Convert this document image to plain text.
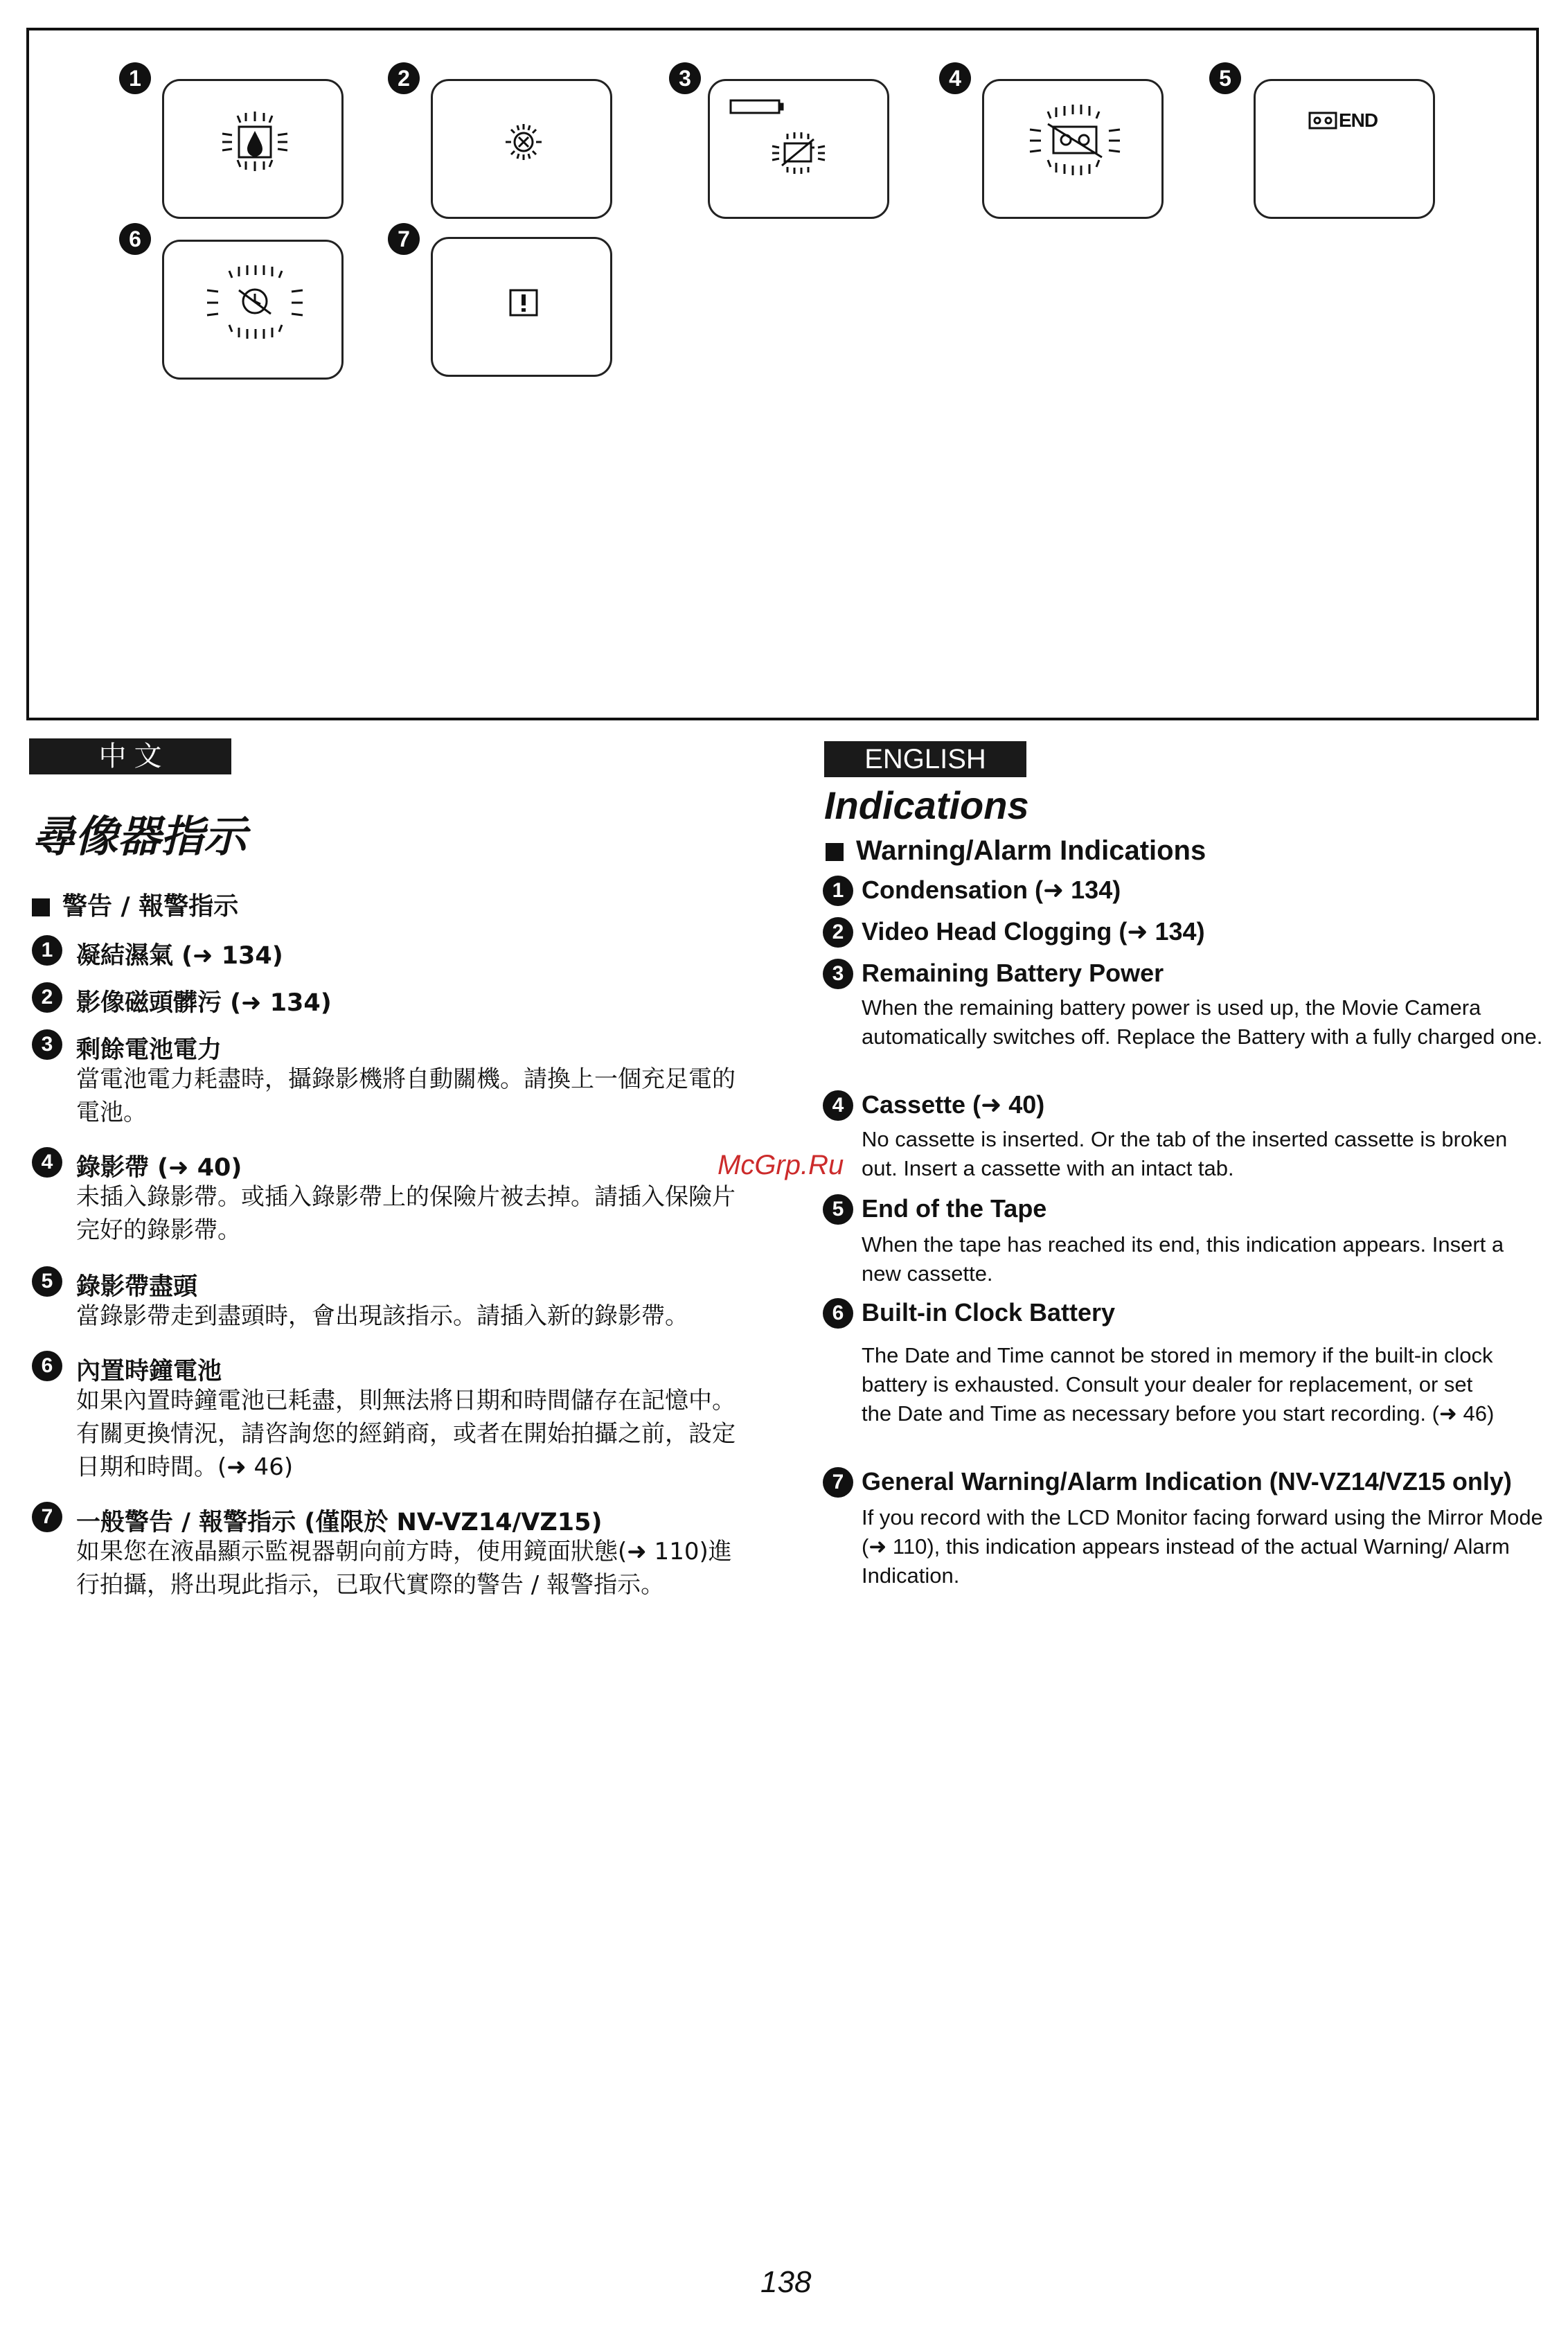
1	2	3	4	5
END
6	7
中 文
尋像器指示
警告 / 報警指示
1 凝結濕氣 (➜ 134)
2 影像磁頭髒污 (➜ 134)
3 剩餘電池電力
當電池電力耗盡時，攝錄影機將自動關機。請換上一個充足電的電池。
4 錄影帶 (➜ 40)
未插入錄影帶。或插入錄影帶上的保險片被去掉。請插入保險片完好的錄影帶。
5 錄影帶盡頭
當錄影帶走到盡頭時，會出現該指示。請插入新的錄影帶。
6 內置時鐘電池
如果內置時鐘電池已耗盡，則無法將日期和時間儲存在記憶中。有關更換情況，請咨詢您的經銷商，或者在開始拍攝之前，設定日期和時間。(➜ 46)
7 一般警告 / 報警指示 (僅限於 NV-VZ14/VZ15)
如果您在液晶顯示監視器朝向前方時，使用鏡面狀態(➜ 110)進行拍攝，將出現此指示，已取代實際的警告 / 報警指示。
McGrp.Ru
ENGLISH
Indications
Warning/Alarm Indications
1 Condensation (➜ 134)
2 Video Head Clogging (➜ 134)
3 Remaining Battery Power
When the remaining battery power is used up, the Movie Camera automatically switches off. Replace the Battery with a fully charged one.
4 Cassette (➜ 40)
No cassette is inserted. Or the tab of the inserted cassette is broken out. Insert a cassette with an intact tab.
5 End of the Tape
When the tape has reached its end, this indication appears. Insert a new cassette.
6 Built-in Clock Battery
The Date and Time cannot be stored in memory if the built-in clock battery is exhausted. Consult your dealer for replacement, or set the Date and Time as necessary before you start recording. (➜ 46)
7 General Warning/Alarm Indication (NV-VZ14/VZ15 only)
If you record with the LCD Monitor facing forward using the Mirror Mode (➜ 110), this indication appears instead of the actual Warning/ Alarm Indication.
138
